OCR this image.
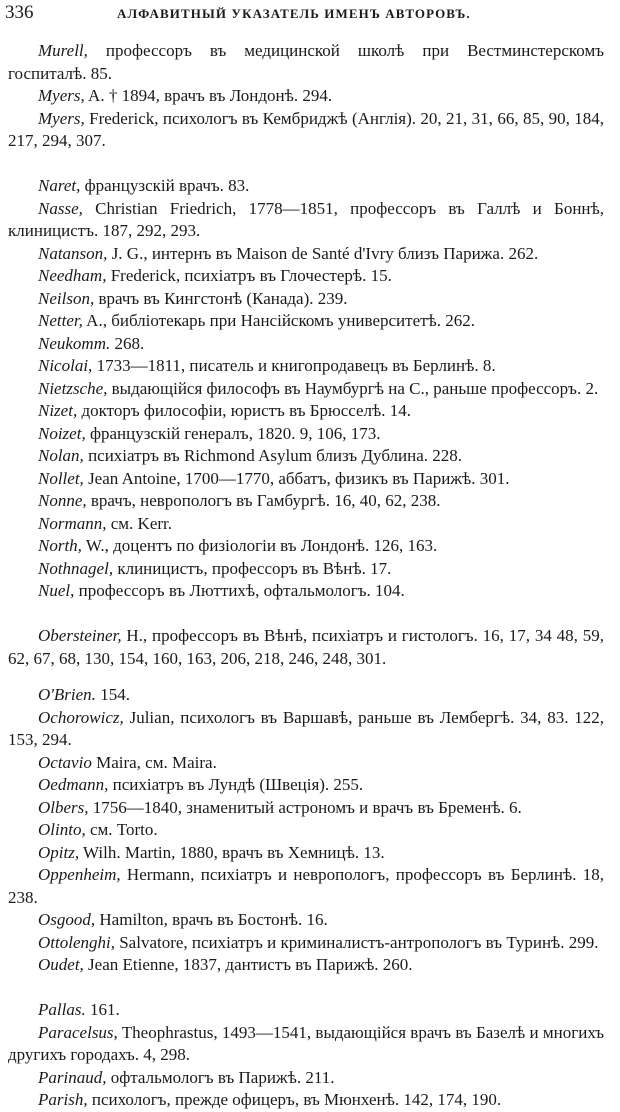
336	АЛФАВИТНЫЙ УКАЗАТЕЛЬ ИМЕНЪ АВТОРОВЪ.

Murell, профессоръ въ медицинской школѣ при Вестминстерскомъ госпиталѣ. 85.

Myers, A. † 1894, врачъ въ Лондонѣ. 294.

Myers, Frederick, психологъ въ Кембриджѣ (Англія). 20, 21, 31, 66, 85, 90, 184, 217, 294, 307.

Naret, французскій врачъ. 83.

Nasse, Christian Friedrich, 1778—1851, профессоръ въ Галлѣ и Боннѣ, клиницистъ. 187, 292, 293.

Natanson, J. G., интернъ въ Maison de Santé d'Ivry близъ Парижа. 262.

Needham, Frederick, психіатръ въ Глочестерѣ. 15.

Neilson, врачъ въ Кингстонѣ (Канада). 239.

Netter, A., библіотекарь при Нансійскомъ университетѣ. 262.

Neukomm. 268.

Nicolai, 1733—1811, писатель и книгопродавецъ въ Берлинѣ. 8.

Nietzsche, выдающійся философъ въ Наумбургѣ на С., раньше профессоръ. 2.

Nizet, докторъ философіи, юристъ въ Брюсселѣ. 14.

Noizet, французскій генералъ, 1820. 9, 106, 173.

Nolan, психіатръ въ Richmond Asylum близъ Дублина. 228.

Nollet, Jean Antoine, 1700—1770, аббатъ, физикъ въ Парижѣ. 301.

Nonne, врачъ, невропологъ въ Гамбургѣ. 16, 40, 62, 238.

Normann, см. Kerr.

North, W., доцентъ по физіологіи въ Лондонѣ. 126, 163.

Nothnagel, клиницистъ, профессоръ въ Вѣнѣ. 17.

Nuel, профессоръ въ Люттихѣ, офтальмологъ. 104.

Obersteiner, H., профессоръ въ Вѣнѣ, психіатръ и гистологъ. 16, 17, 34 48, 59, 62, 67, 68, 130, 154, 160, 163, 206, 218, 246, 248, 301.

O'Brien. 154.

Ochorowicz, Julian, психологъ въ Варшавѣ, раньше въ Лембергѣ. 34, 83. 122, 153, 294.

Octavio Maira, см. Maira.

Oedmann, психіатръ въ Лундѣ (Швеція). 255.

Olbers, 1756—1840, знаменитый астрономъ и врачъ въ Бременѣ. 6.

Olinto, см. Torto.

Opitz, Wilh. Martin, 1880, врачъ въ Хемницѣ. 13.

Oppenheim, Hermann, психіатръ и невропологъ, профессоръ въ Берлинѣ. 18, 238.

Osgood, Hamilton, врачъ въ Бостонѣ. 16.

Ottolenghi, Salvatore, психіатръ и криминалистъ-антропологъ въ Туринѣ. 299.

Oudet, Jean Etienne, 1837, дантистъ въ Парижѣ. 260.

Pallas. 161.

Paracelsus, Theophrastus, 1493—1541, выдающійся врачъ въ Базелѣ и многихъ другихъ городахъ. 4, 298.

Parinaud, офтальмологъ въ Парижѣ. 211.

Parish, психологъ, прежде офицеръ, въ Мюнхенѣ. 142, 174, 190.
